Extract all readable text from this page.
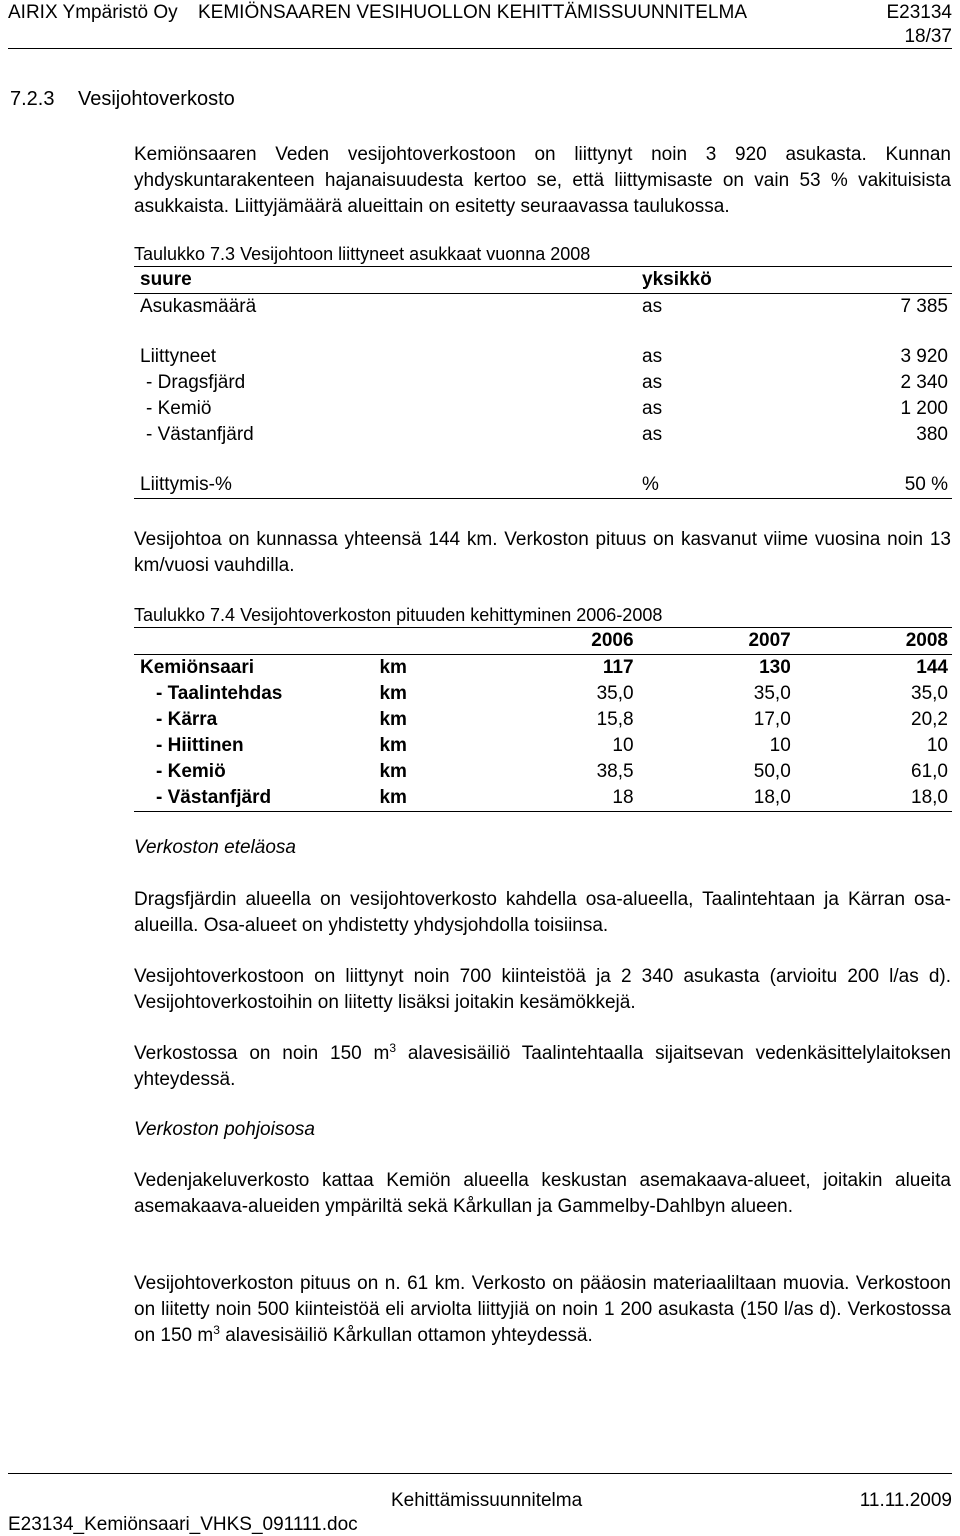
AIRIX Ympäristö Oy KEMIÖNSAAREN VESIHUOLLON KEHITTÄMISSUUNNITELMA	E23134
18/37
7.2.3 Vesijohtoverkosto
Kemiönsaaren Veden vesijohtoverkostoon on liittynyt noin 3 920 asukasta. Kunnan yhdyskuntarakenteen hajanaisuudesta kertoo se, että liittymisaste on vain 53 % vakituisista asukkaista. Liittyjämäärä alueittain on esitetty seuraavassa taulukossa.
Taulukko 7.3 Vesijohtoon liittyneet asukkaat vuonna 2008
suure	yksikkö	
Asukasmäärä	as	7 385

Liittyneet	as	3 920
- Dragsfjärd	as	2 340
- Kemiö	as	1 200
- Västanfjärd	as	380

Liittymis-%	%	50 %
Vesijohtoa on kunnassa yhteensä 144 km. Verkoston pituus on kasvanut viime vuosina noin 13 km/vuosi vauhdilla.
Taulukko 7.4 Vesijohtoverkoston pituuden kehittyminen 2006-2008
		2006	2007	2008
Kemiönsaari	km	117	130	144
- Taalintehdas	km	35,0	35,0	35,0
- Kärra	km	15,8	17,0	20,2
- Hiittinen	km	10	10	10
- Kemiö	km	38,5	50,0	61,0
- Västanfjärd	km	18	18,0	18,0
Verkoston eteläosa
Dragsfjärdin alueella on vesijohtoverkosto kahdella osa-alueella, Taalintehtaan ja Kärran osa-alueilla. Osa-alueet on yhdistetty yhdysjohdolla toisiinsa.
Vesijohtoverkostoon on liittynyt noin 700 kiinteistöä ja 2 340 asukasta (arvioitu 200 l/as d). Vesijohtoverkostoihin on liitetty lisäksi joitakin kesämökkejä.
Verkostossa on noin 150 $m^3$ alavesisäiliö Taalintehtaalla sijaitsevan vedenkäsittelylaitoksen yhteydessä.
Verkoston pohjoisosa
Vedenjakeluverkosto kattaa Kemiön alueella keskustan asemakaava-alueet, joitakin alueita asemakaava-alueiden ympäriltä sekä Kårkullan ja Gammelby-Dahlbyn alueen.
Vesijohtoverkoston pituus on n. 61 km. Verkosto on pääosin materiaaliltaan muovia. Verkostoon on liitetty noin 500 kiinteistöä eli arviolta liittyjiä on noin 1 200 asukasta (150 l/as d). Verkostossa on 150 $m^3$ alavesisäiliö Kårkullan ottamon yhteydessä.
Kehittämissuunnitelma	11.11.2009
E23134_Kemiönsaari_VHKS_091111.doc
